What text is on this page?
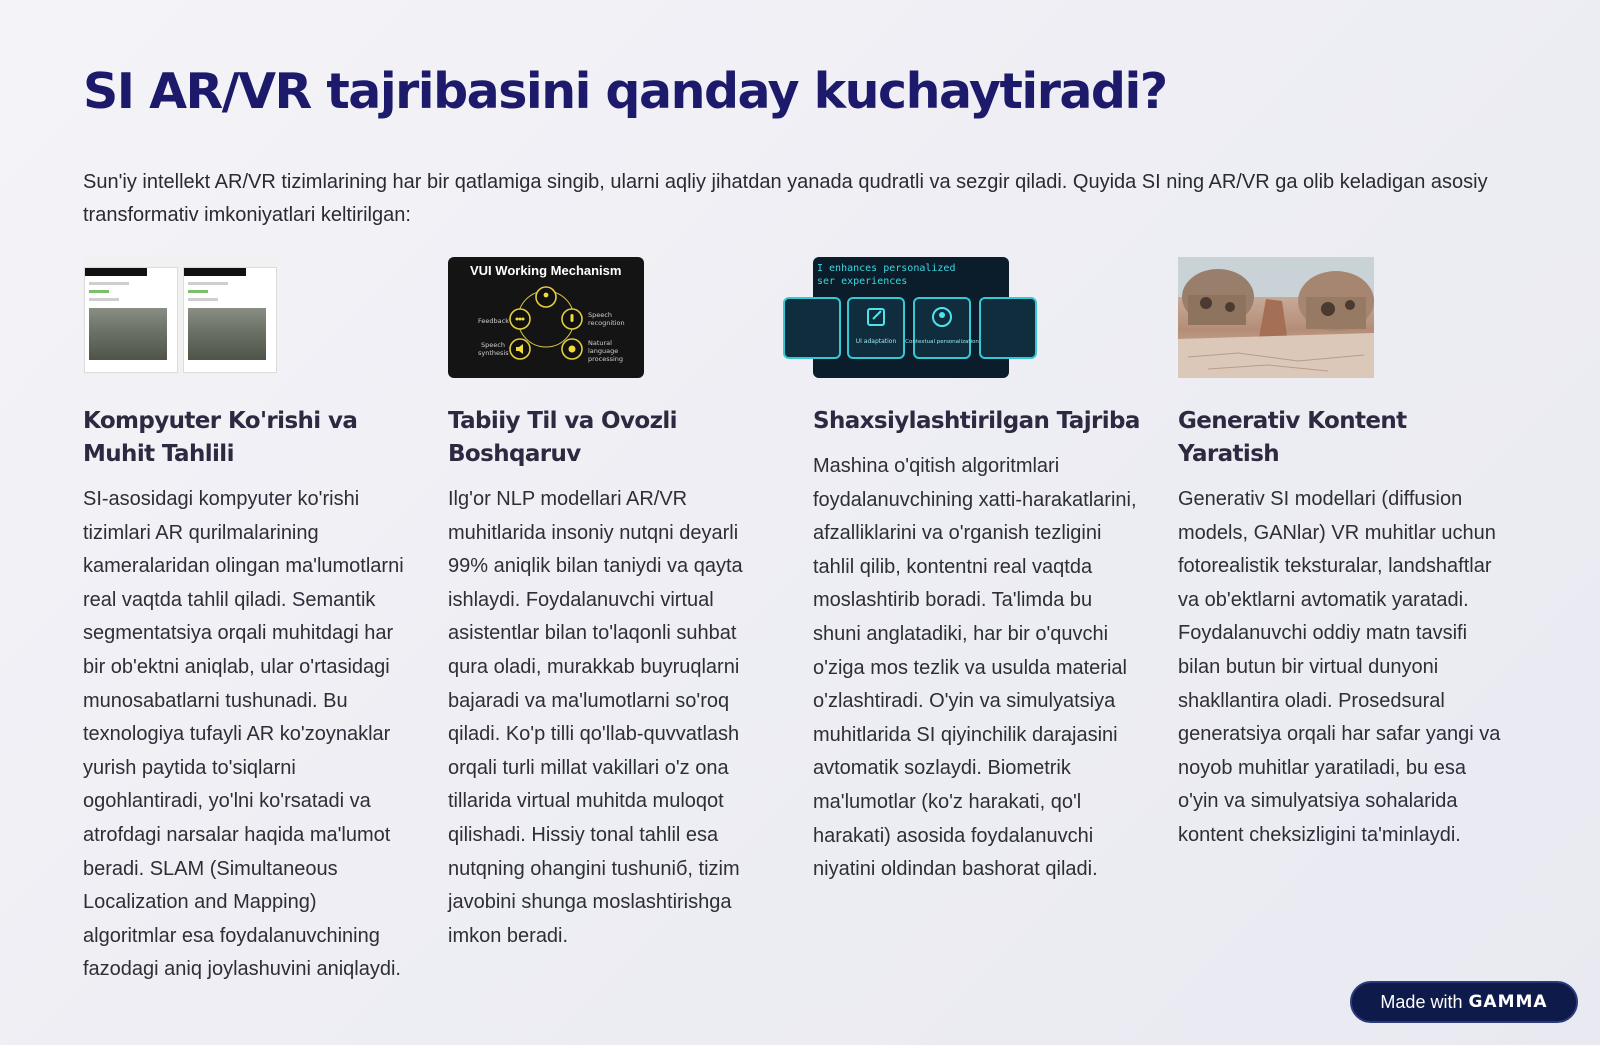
SI AR/VR tajribasini qanday kuchaytiradi?

Sun'iy intellekt AR/VR tizimlarining har bir qatlamiga singib, ularni aqliy jihatdan yanada qudratli va sezgir qiladi. Quyida SI ning AR/VR ga olib keladigan asosiy transformativ imkoniyatlari keltirilgan:

Kompyuter Ko'rishi va Muhit Tahlili

SI-asosidagi kompyuter ko'rishi tizimlari AR qurilmalarining kameralaridan olingan ma'lumotlarni real vaqtda tahlil qiladi. Semantik segmentatsiya orqali muhitdagi har bir ob'ektni aniqlab, ular o'rtasidagi munosabatlarni tushunadi. Bu texnologiya tufayli AR ko'zoynaklar yurish paytida to'siqlarni ogohlantiradi, yo'lni ko'rsatadi va atrofdagi narsalar haqida ma'lumot beradi. SLAM (Simultaneous Localization and Mapping) algoritmlar esa foydalanuvchining fazodagi aniq joylashuvini aniqlaydi.

VUI Working Mechanism
Feedback
Speech
recognition
Speech
synthesis
Natural
language
processing
Tabiiy Til va Ovozli Boshqaruv

Ilg'or NLP modellari AR/VR muhitlarida insoniy nutqni deyarli 99% aniqlik bilan taniydi va qayta ishlaydi. Foydalanuvchi virtual asistentlar bilan to'laqonli suhbat qura oladi, murakkab buyruqlarni bajaradi va ma'lumotlarni so'roq qiladi. Ko'p tilli qo'llab-quvvatlash orqali turli millat vakillari o'z ona tillarida virtual muhitda muloqot qilishadi. Hissiy tonal tahlil esa nutqning ohangini tushuniб, tizim javobini shunga moslashtirishga imkon beradi.

I enhances personalized
ser experiences
UI adaptation Contextual personalization
Shaxsiylashtirilgan Tajriba

Mashina o'qitish algoritmlari foydalanuvchining xatti-harakatlarini, afzalliklarini va o'rganish tezligini tahlil qilib, kontentni real vaqtda moslashtirib boradi. Ta'limda bu shuni anglatadiki, har bir o'quvchi o'ziga mos tezlik va usulda material o'zlashtiradi. O'yin va simulyatsiya muhitlarida SI qiyinchilik darajasini avtomatik sozlaydi. Biometrik ma'lumotlar (ko'z harakati, qo'l harakati) asosida foydalanuvchi niyatini oldindan bashorat qiladi.

Generativ Kontent Yaratish

Generativ SI modellari (diffusion models, GANlar) VR muhitlar uchun fotorealistik teksturalar, landshaftlar va ob'ektlarni avtomatik yaratadi. Foydalanuvchi oddiy matn tavsifi bilan butun bir virtual dunyoni shakllantira oladi. Prosedsural generatsiya orqali har safar yangi va noyob muhitlar yaratiladi, bu esa o'yin va simulyatsiya sohalarida kontent cheksizligini ta'minlaydi.

Made with GAMMA
